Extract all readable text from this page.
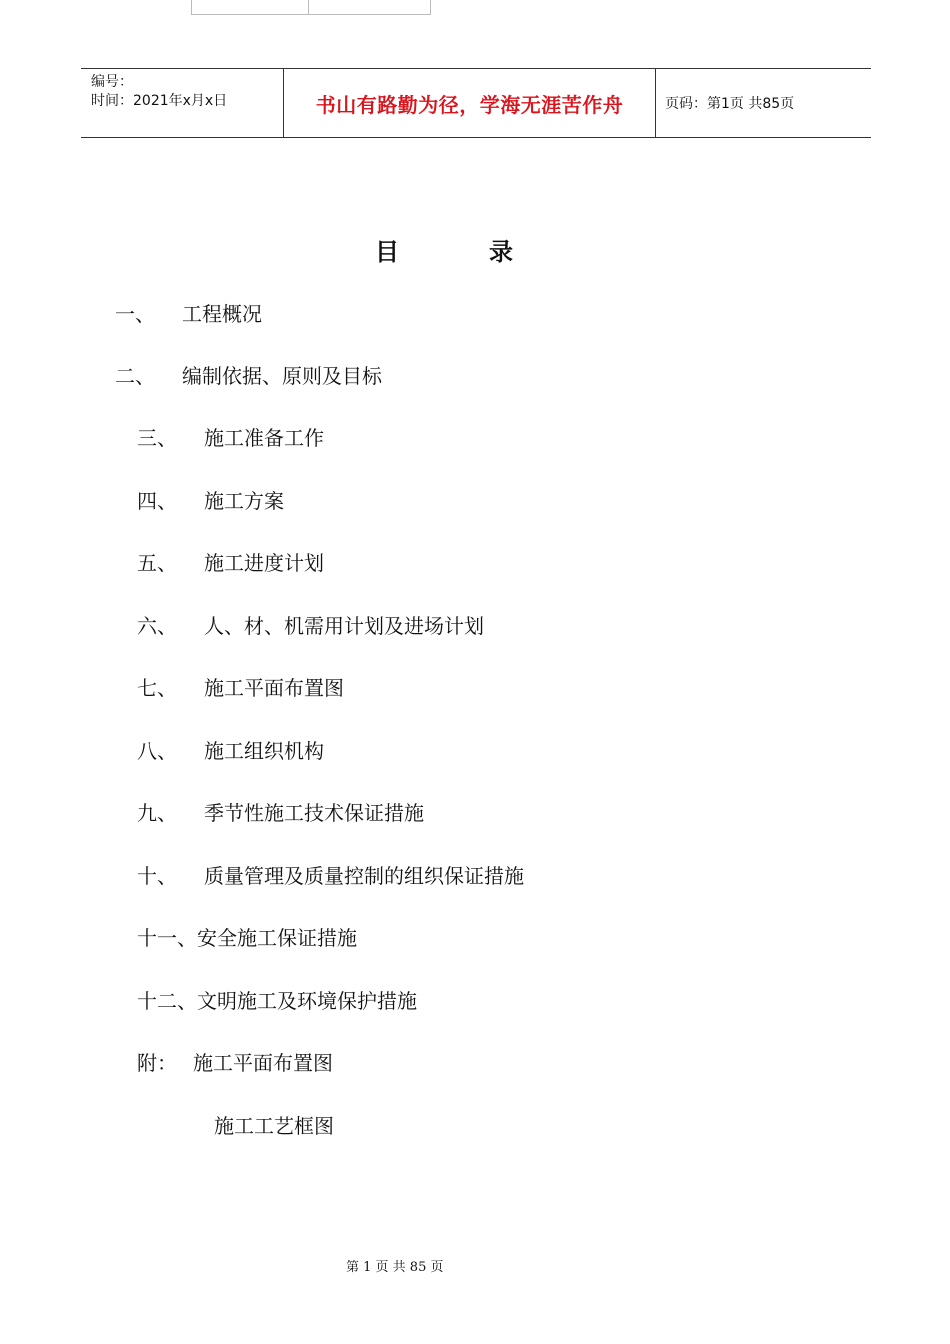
编号：
时间：2021年x月x日	书山有路勤为径，学海无涯苦作舟	页码：第1页 共85页
目	录
一、	工程概况
二、	编制依据、原则及目标
三、	施工准备工作
四、	施工方案
五、	施工进度计划
六、	人、材、机需用计划及进场计划
七、	施工平面布置图
八、	施工组织机构
九、	季节性施工技术保证措施
十、	质量管理及质量控制的组织保证措施
十一、 安全施工保证措施
十二、 文明施工及环境保护措施
附： 施工平面布置图
施工工艺框图
第 1 页 共 85 页
